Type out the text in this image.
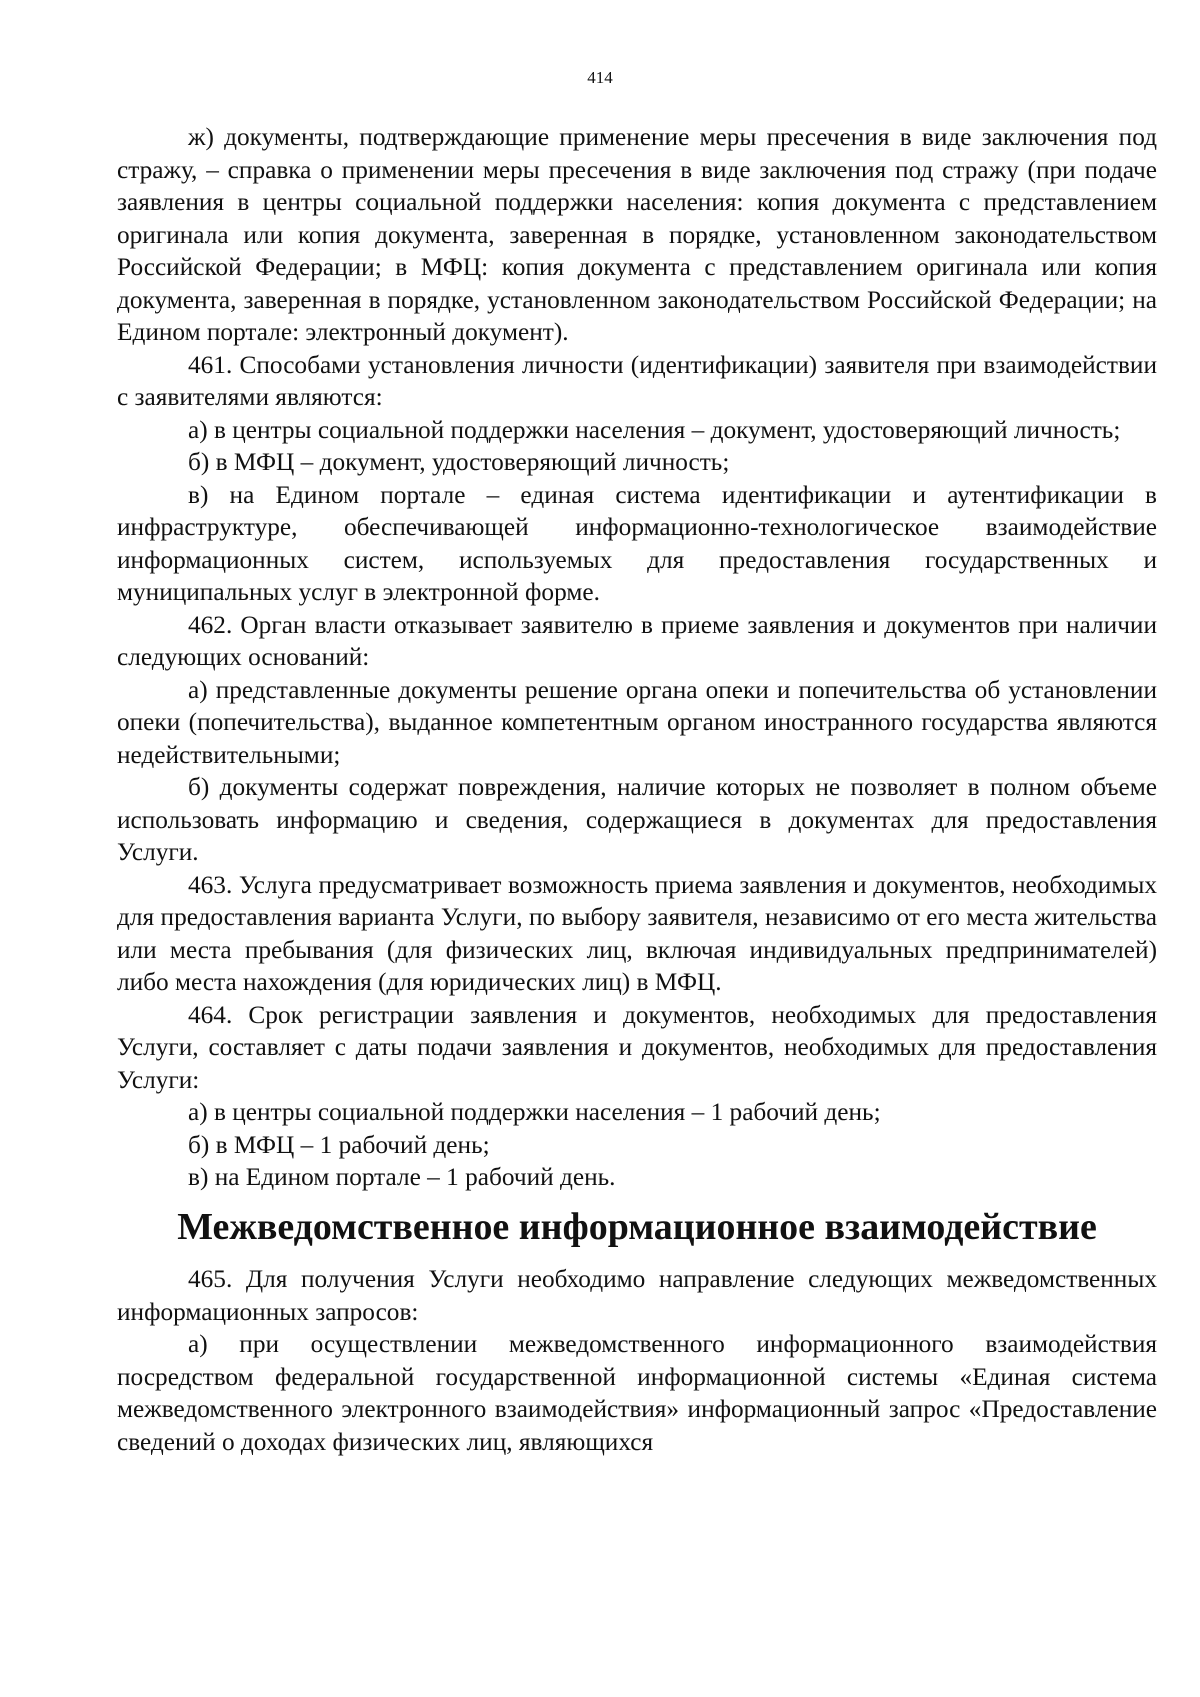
414

ж) документы, подтверждающие применение меры пресечения в виде заключения под стражу, – справка о применении меры пресечения в виде заключения под стражу (при подаче заявления в центры социальной поддержки населения: копия документа с представлением оригинала или копия документа, заверенная в порядке, установленном законодательством Российской Федерации; в МФЦ: копия документа с представлением оригинала или копия документа, заверенная в порядке, установленном законодательством Российской Федерации; на Едином портале: электронный документ).

461. Способами установления личности (идентификации) заявителя при взаимодействии с заявителями являются:

а) в центры социальной поддержки населения – документ, удостоверяющий личность;

б) в МФЦ – документ, удостоверяющий личность;

в) на Едином портале – единая система идентификации и аутентификации в инфраструктуре, обеспечивающей информационно-технологическое взаимодействие информационных систем, используемых для предоставления государственных и муниципальных услуг в электронной форме.

462. Орган власти отказывает заявителю в приеме заявления и документов при наличии следующих оснований:

а) представленные документы решение органа опеки и попечительства об установлении опеки (попечительства), выданное компетентным органом иностранного государства являются недействительными;

б) документы содержат повреждения, наличие которых не позволяет в полном объеме использовать информацию и сведения, содержащиеся в документах для предоставления Услуги.

463. Услуга предусматривает возможность приема заявления и документов, необходимых для предоставления варианта Услуги, по выбору заявителя, независимо от его места жительства или места пребывания (для физических лиц, включая индивидуальных предпринимателей) либо места нахождения (для юридических лиц) в МФЦ.

464. Срок регистрации заявления и документов, необходимых для предоставления Услуги, составляет с даты подачи заявления и документов, необходимых для предоставления Услуги:

а) в центры социальной поддержки населения – 1 рабочий день;

б) в МФЦ – 1 рабочий день;

в) на Едином портале – 1 рабочий день.

Межведомственное информационное взаимодействие

465. Для получения Услуги необходимо направление следующих межведомственных информационных запросов:

а) при осуществлении межведомственного информационного взаимодействия посредством федеральной государственной информационной системы «Единая система межведомственного электронного взаимодействия» информационный запрос «Предоставление сведений о доходах физических лиц, являющихся
